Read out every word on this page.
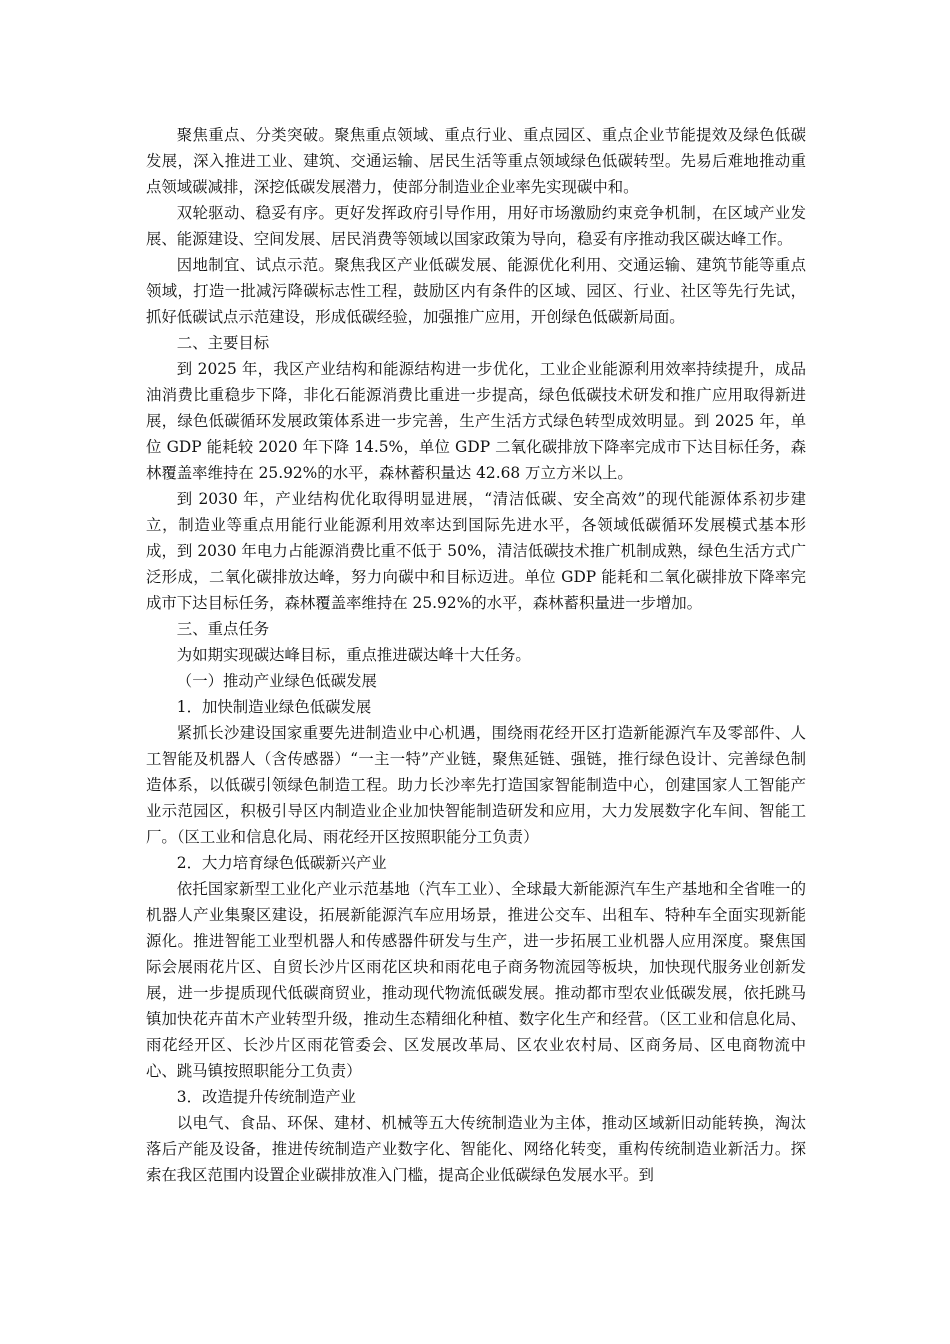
聚焦重点、分类突破。聚焦重点领域、重点行业、重点园区、重点企业节能提效及绿色低碳发展，深入推进工业、建筑、交通运输、居民生活等重点领域绿色低碳转型。先易后难地推动重点领域碳减排，深挖低碳发展潜力，使部分制造业企业率先实现碳中和。

双轮驱动、稳妥有序。更好发挥政府引导作用，用好市场激励约束竞争机制，在区域产业发展、能源建设、空间发展、居民消费等领域以国家政策为导向，稳妥有序推动我区碳达峰工作。

因地制宜、试点示范。聚焦我区产业低碳发展、能源优化利用、交通运输、建筑节能等重点领域，打造一批减污降碳标志性工程，鼓励区内有条件的区域、园区、行业、社区等先行先试，抓好低碳试点示范建设，形成低碳经验，加强推广应用，开创绿色低碳新局面。

二、主要目标

到 2025 年，我区产业结构和能源结构进一步优化，工业企业能源利用效率持续提升，成品油消费比重稳步下降，非化石能源消费比重进一步提高，绿色低碳技术研发和推广应用取得新进展，绿色低碳循环发展政策体系进一步完善，生产生活方式绿色转型成效明显。到 2025 年，单位 GDP 能耗较 2020 年下降 14.5%，单位 GDP 二氧化碳排放下降率完成市下达目标任务，森林覆盖率维持在 25.92%的水平，森林蓄积量达 42.68 万立方米以上。

到 2030 年，产业结构优化取得明显进展，“清洁低碳、安全高效”的现代能源体系初步建立，制造业等重点用能行业能源利用效率达到国际先进水平，各领域低碳循环发展模式基本形成，到 2030 年电力占能源消费比重不低于 50%，清洁低碳技术推广机制成熟，绿色生活方式广泛形成，二氧化碳排放达峰，努力向碳中和目标迈进。单位 GDP 能耗和二氧化碳排放下降率完成市下达目标任务，森林覆盖率维持在 25.92%的水平，森林蓄积量进一步增加。

三、重点任务

为如期实现碳达峰目标，重点推进碳达峰十大任务。

（一）推动产业绿色低碳发展

1．加快制造业绿色低碳发展

紧抓长沙建设国家重要先进制造业中心机遇，围绕雨花经开区打造新能源汽车及零部件、人工智能及机器人（含传感器）“一主一特”产业链，聚焦延链、强链，推行绿色设计、完善绿色制造体系，以低碳引领绿色制造工程。助力长沙率先打造国家智能制造中心，创建国家人工智能产业示范园区，积极引导区内制造业企业加快智能制造研发和应用，大力发展数字化车间、智能工厂。（区工业和信息化局、雨花经开区按照职能分工负责）

2．大力培育绿色低碳新兴产业

依托国家新型工业化产业示范基地（汽车工业）、全球最大新能源汽车生产基地和全省唯一的机器人产业集聚区建设，拓展新能源汽车应用场景，推进公交车、出租车、特种车全面实现新能源化。推进智能工业型机器人和传感器件研发与生产，进一步拓展工业机器人应用深度。聚焦国际会展雨花片区、自贸长沙片区雨花区块和雨花电子商务物流园等板块，加快现代服务业创新发展，进一步提质现代低碳商贸业，推动现代物流低碳发展。推动都市型农业低碳发展，依托跳马镇加快花卉苗木产业转型升级，推动生态精细化种植、数字化生产和经营。（区工业和信息化局、雨花经开区、长沙片区雨花管委会、区发展改革局、区农业农村局、区商务局、区电商物流中心、跳马镇按照职能分工负责）

3．改造提升传统制造产业

以电气、食品、环保、建材、机械等五大传统制造业为主体，推动区域新旧动能转换，淘汰落后产能及设备，推进传统制造产业数字化、智能化、网络化转变，重构传统制造业新活力。探索在我区范围内设置企业碳排放准入门槛，提高企业低碳绿色发展水平。到
